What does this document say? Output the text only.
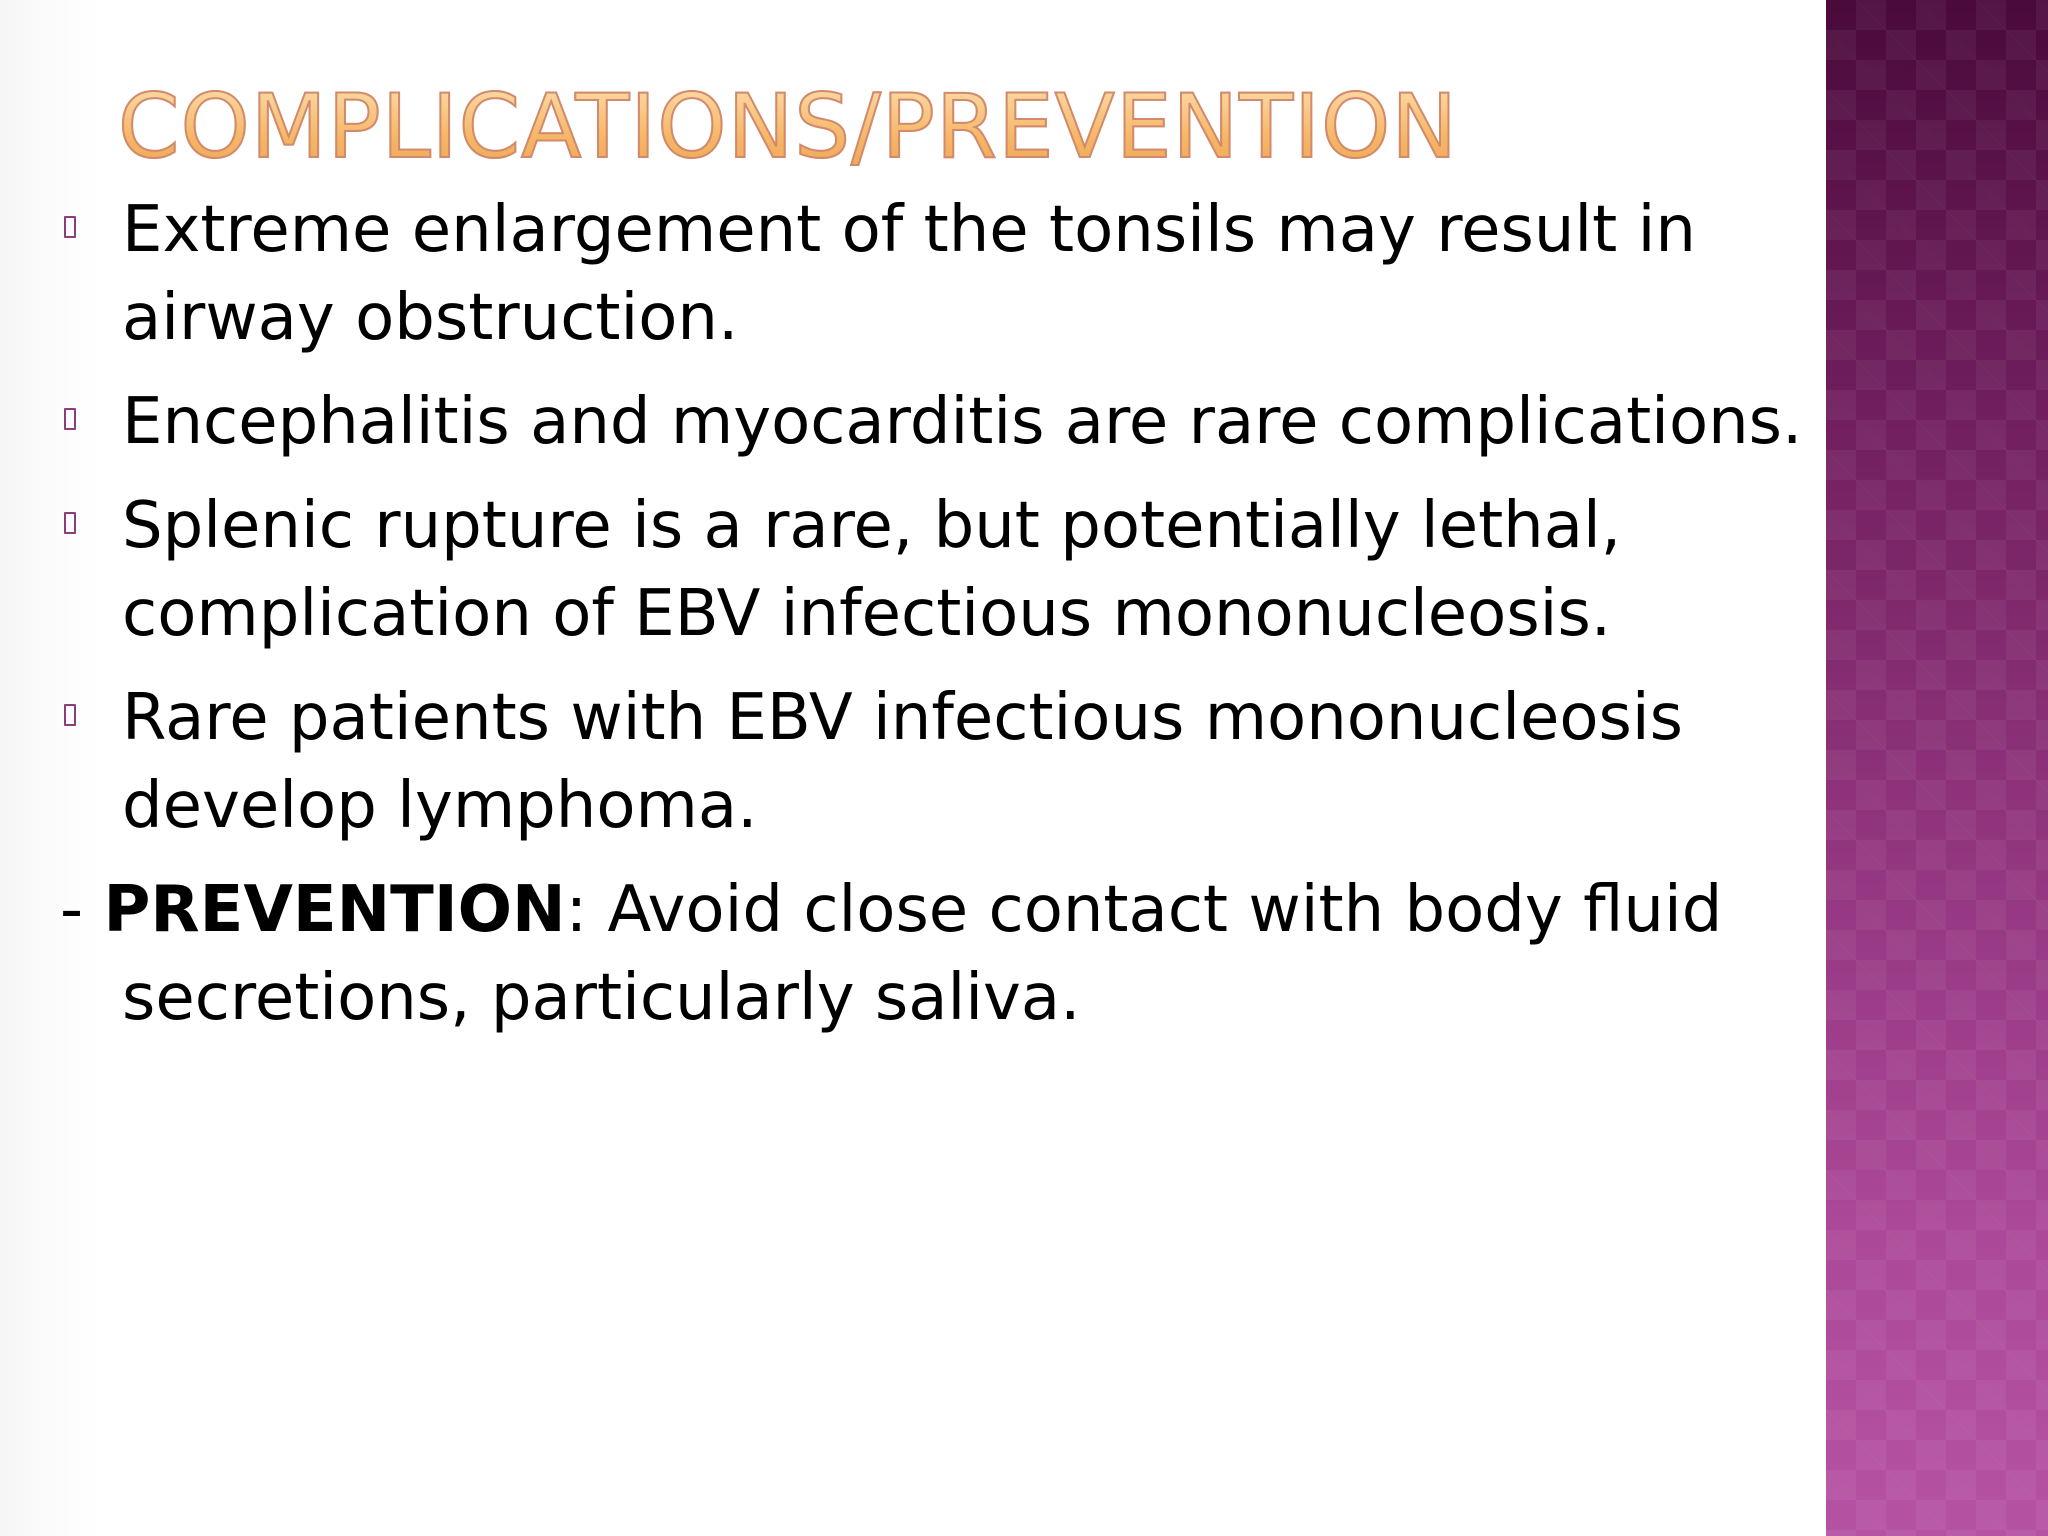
COMPLICATIONS/PREVENTION
Extreme enlargement of the tonsils may result in
airway obstruction.
Encephalitis and myocarditis are rare complications.
Splenic rupture is a rare, but potentially lethal,
complication of EBV infectious mononucleosis.
Rare patients with EBV infectious mononucleosis
develop lymphoma.
- PREVENTION: Avoid close contact with body fluid
secretions, particularly saliva.
